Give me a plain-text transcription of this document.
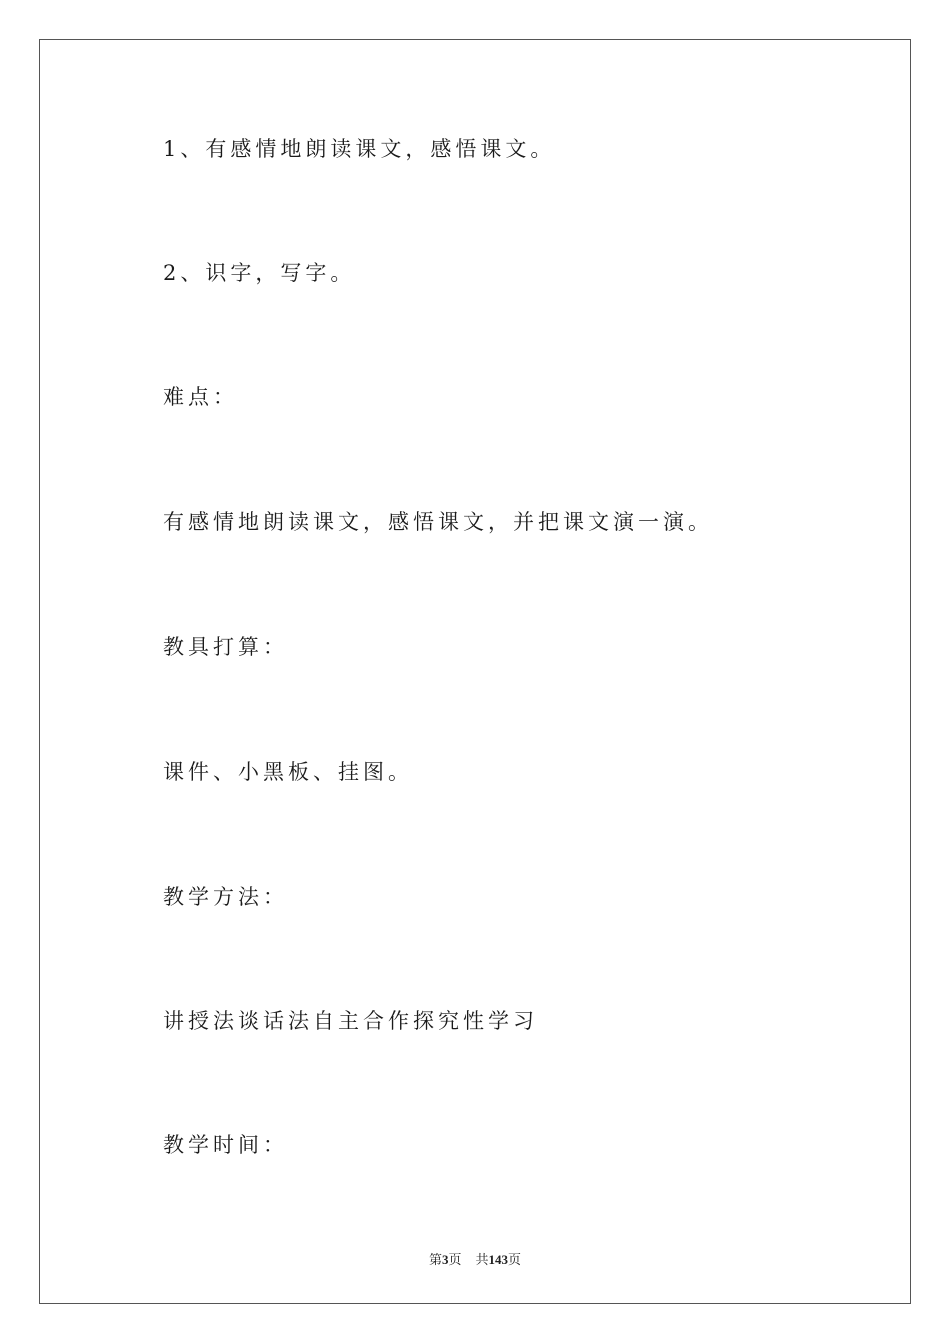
1、有感情地朗读课文，感悟课文。
2、识字，写字。
难点：
有感情地朗读课文，感悟课文，并把课文演一演。
教具打算：
课件、小黑板、挂图。
教学方法：
讲授法谈话法自主合作探究性学习
教学时间：
第3页 共143页
